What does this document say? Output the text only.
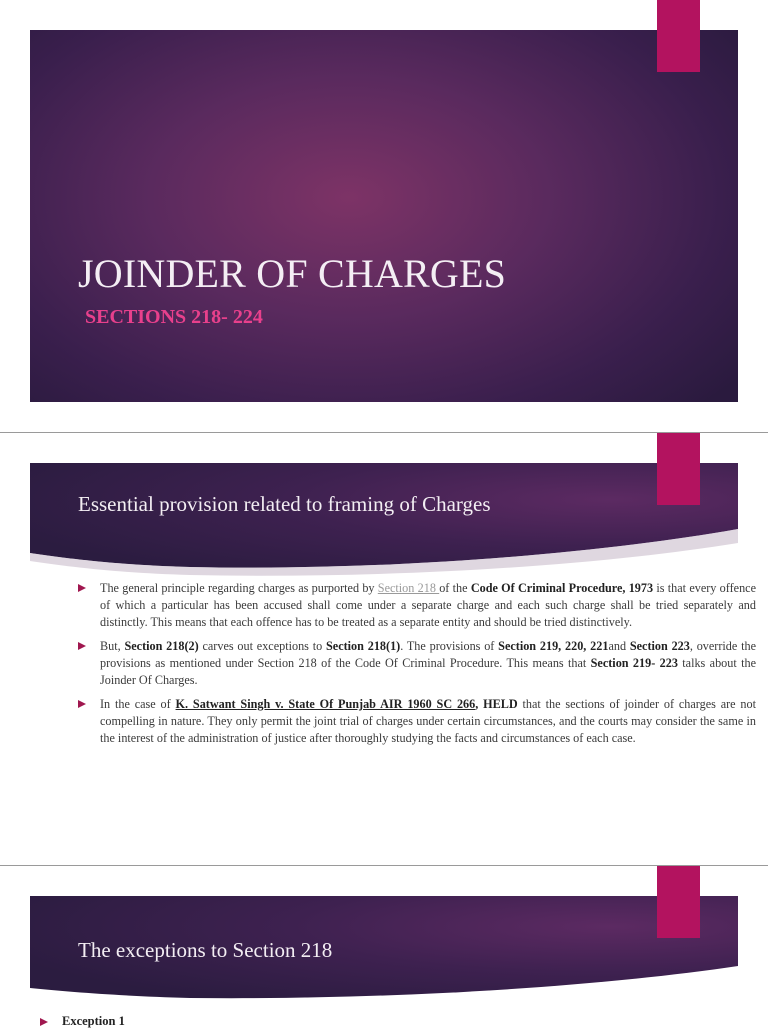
JOINDER OF CHARGES

SECTIONS 218- 224

Essential provision related to framing of Charges
The general principle regarding charges as purported by Section 218 of the Code Of Criminal Procedure, 1973 is that every offence of which a particular has been accused shall come under a separate charge and each such charge shall be tried separately and distinctly. This means that each offence has to be treated as a separate entity and should be tried distinctively.
But, Section 218(2) carves out exceptions to Section 218(1). The provisions of Section 219, 220, 221and Section 223, override the provisions as mentioned under Section 218 of the Code Of Criminal Procedure. This means that Section 219- 223 talks about the Joinder Of Charges.
In the case of K. Satwant Singh v. State Of Punjab AIR 1960 SC 266, HELD that the sections of joinder of charges are not compelling in nature. They only permit the joint trial of charges under certain circumstances, and the courts may consider the same in the interest of the administration of justice after thoroughly studying the facts and circumstances of each case.
The exceptions to Section 218

Exception 1
